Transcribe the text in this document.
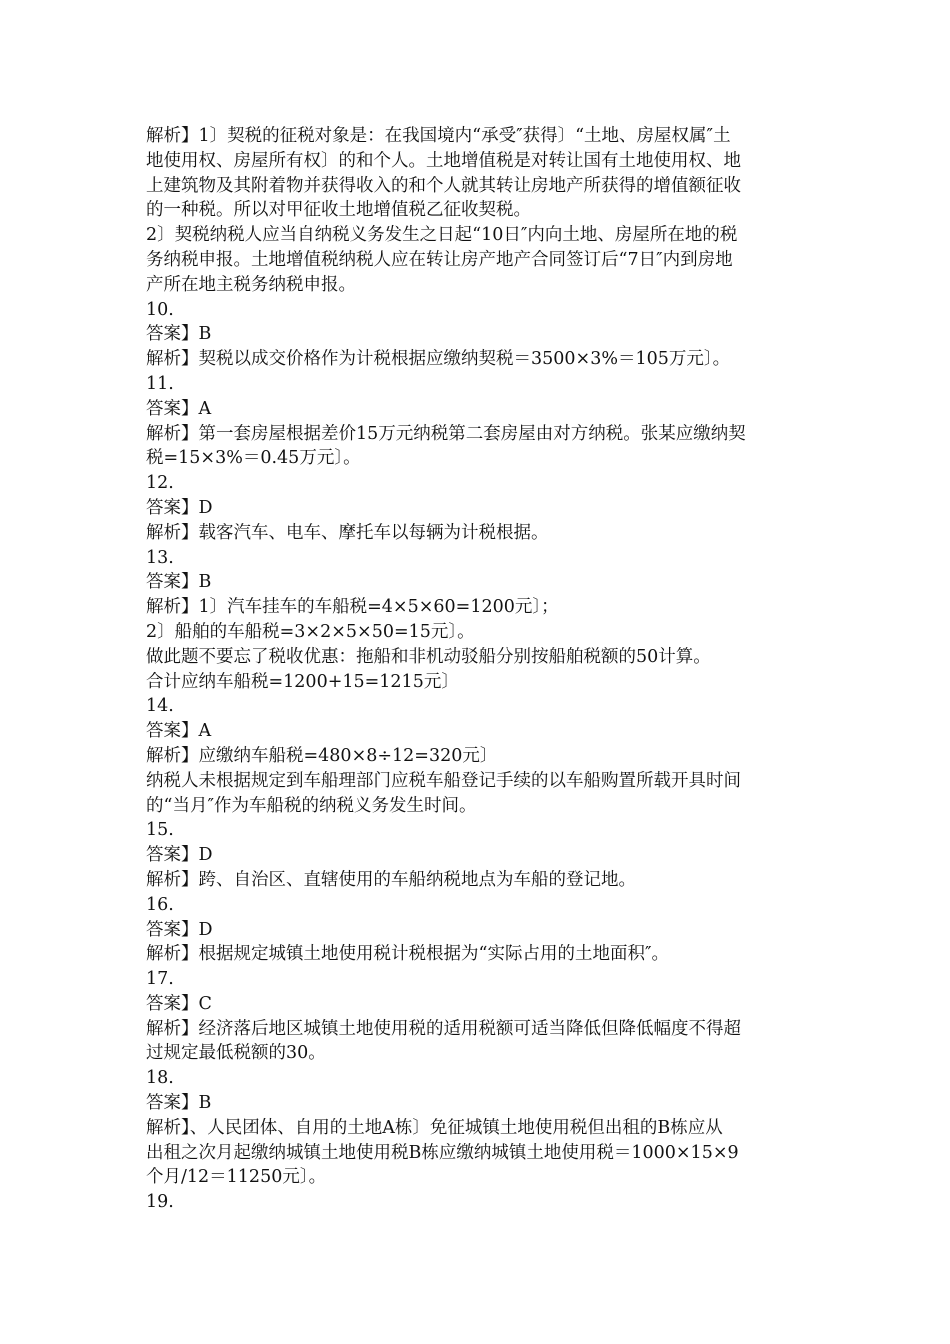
解析】1〕契税的征税对象是：在我国境内“承受″获得〕“土地、房屋权属″土
地使用权、房屋所有权〕的和个人。土地增值税是对转让国有土地使用权、地
上建筑物及其附着物并获得收入的和个人就其转让房地产所获得的增值额征收
的一种税。所以对甲征收土地增值税乙征收契税。
2〕契税纳税人应当自纳税义务发生之日起“10日″内向土地、房屋所在地的税
务纳税申报。土地增值税纳税人应在转让房产地产合同签订后“7日″内到房地
产所在地主税务纳税申报。
10.
答案】B
解析】契税以成交价格作为计税根据应缴纳契税＝3500×3%＝105万元〕。
11.
答案】A
解析】第一套房屋根据差价15万元纳税第二套房屋由对方纳税。张某应缴纳契
税=15×3%＝0.45万元〕。
12.
答案】D
解析】载客汽车、电车、摩托车以每辆为计税根据。
13.
答案】B
解析】1〕汽车挂车的车船税=4×5×60=1200元〕；
2〕船舶的车船税=3×2×5×50=15元〕。
做此题不要忘了税收优惠：拖船和非机动驳船分别按船舶税额的50计算。
合计应纳车船税=1200+15=1215元〕
14.
答案】A
解析】应缴纳车船税=480×8÷12=320元〕
纳税人未根据规定到车船理部门应税车船登记手续的以车船购置所载开具时间
的“当月″作为车船税的纳税义务发生时间。
15.
答案】D
解析】跨、自治区、直辖使用的车船纳税地点为车船的登记地。
16.
答案】D
解析】根据规定城镇土地使用税计税根据为“实际占用的土地面积″。
17.
答案】C
解析】经济落后地区城镇土地使用税的适用税额可适当降低但降低幅度不得超
过规定最低税额的30。
18.
答案】B
解析】、人民团体、自用的土地A栋〕免征城镇土地使用税但出租的B栋应从
出租之次月起缴纳城镇土地使用税B栋应缴纳城镇土地使用税＝1000×15×9
个月/12＝11250元〕。
19.
